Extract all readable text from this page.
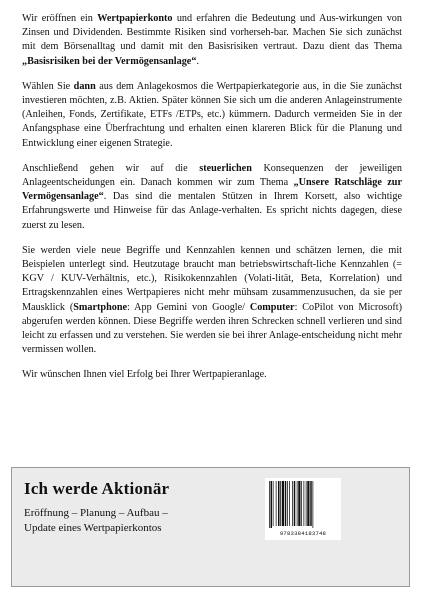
Wir eröffnen ein Wertpapierkonto und erfahren die Bedeutung und Aus-wirkungen von Zinsen und Dividenden. Bestimmte Risiken sind vorherseh-bar. Machen Sie sich zunächst mit dem Börsenalltag und damit mit den Basisrisiken vertraut. Dazu dient das Thema „Basisrisiken bei der Vermögensanlage“.

Wählen Sie dann aus dem Anlagekosmos die Wertpapierkategorie aus, in die Sie zunächst investieren möchten, z.B. Aktien. Später können Sie sich um die anderen Anlageinstrumente (Anleihen, Fonds, Zertifikate, ETFs /ETPs, etc.) kümmern. Dadurch vermeiden Sie in der Anfangsphase eine Überfrachtung und erhalten einen klareren Blick für die Planung und Entwicklung einer eigenen Strategie.

Anschließend gehen wir auf die steuerlichen Konsequenzen der jeweiligen Anlageentscheidungen ein. Danach kommen wir zum Thema „Unsere Ratschläge zur Vermögensanlage“. Das sind die mentalen Stützen in Ihrem Korsett, also wichtige Erfahrungswerte und Hinweise für das Anlage-verhalten. Es spricht nichts dagegen, diese zuerst zu lesen.

Sie werden viele neue Begriffe und Kennzahlen kennen und schätzen lernen, die mit Beispielen unterlegt sind. Heutzutage braucht man betriebswirtschaft-liche Kennzahlen (= KGV / KUV-Verhältnis, etc.), Risikokennzahlen (Volati-lität, Beta, Korrelation) und Ertragskennzahlen eines Wertpapieres nicht mehr mühsam zusammenzusuchen, da sie per Mausklick (Smartphone: App Gemini von Google/ Computer: CoPilot von Microsoft) abgerufen werden können. Diese Begriffe werden ihren Schrecken schnell verlieren und sind leicht zu erfassen und zu verstehen. Sie werden sie bei ihrer Anlage-entscheidung nicht mehr vermissen wollen.

Wir wünschen Ihnen viel Erfolg bei Ihrer Wertpapieranlage.

Ich werde Aktionär
Eröffnung – Planung – Aufbau –
Update eines Wertpapierkontos	9783384183748
